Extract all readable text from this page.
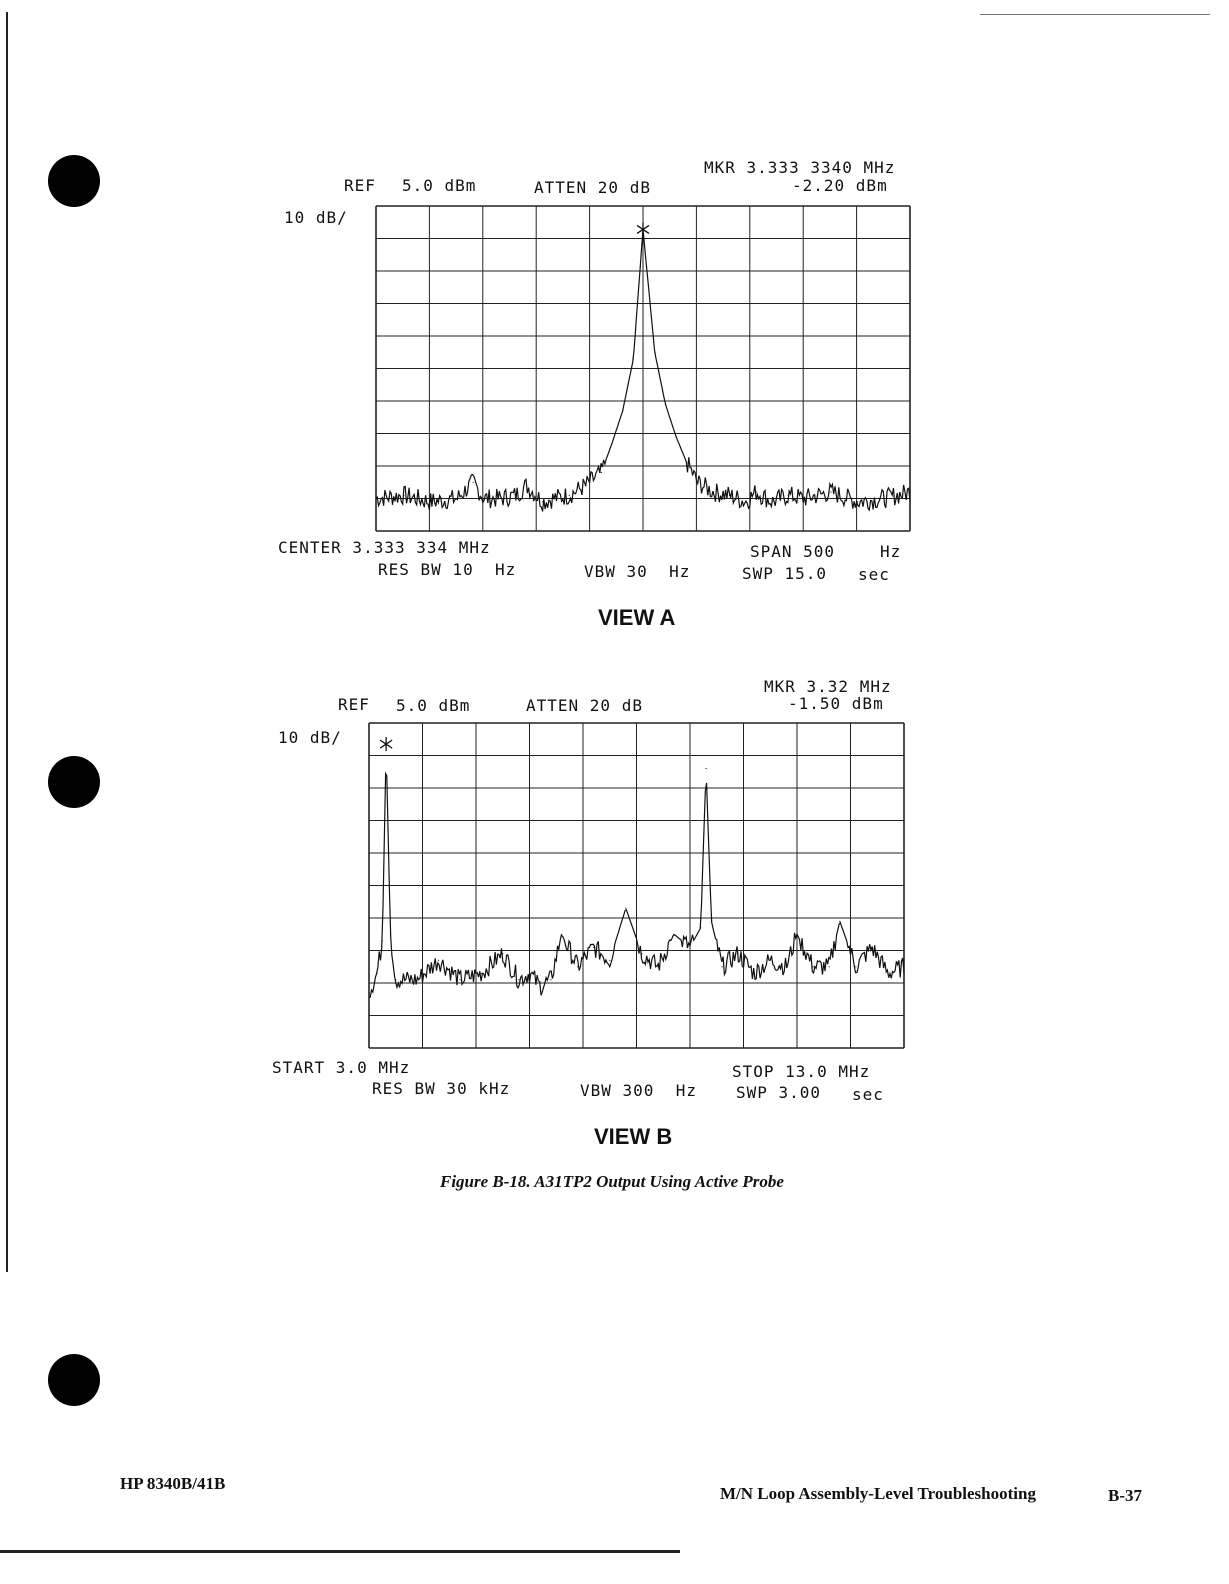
MKR 3.333 3340 MHz
-2.20 dBm
REF 5.0 dBm	ATTEN 20 dB
10 dB/
CENTER 3.333 334 MHz	SPAN 500	Hz
RES BW 10  Hz	VBW 30  Hz	SWP 15.0 sec
VIEW A
MKR 3.32 MHz
-1.50 dBm
REF 5.0 dBm	ATTEN 20 dB
10 dB/
START 3.0 MHz	STOP 13.0 MHz
RES BW 30 kHz	VBW 300  Hz SWP 3.00 sec
VIEW B
Figure B-18. A31TP2 Output Using Active Probe
HP 8340B/41B
M/N Loop Assembly-Level Troubleshooting	B-37
